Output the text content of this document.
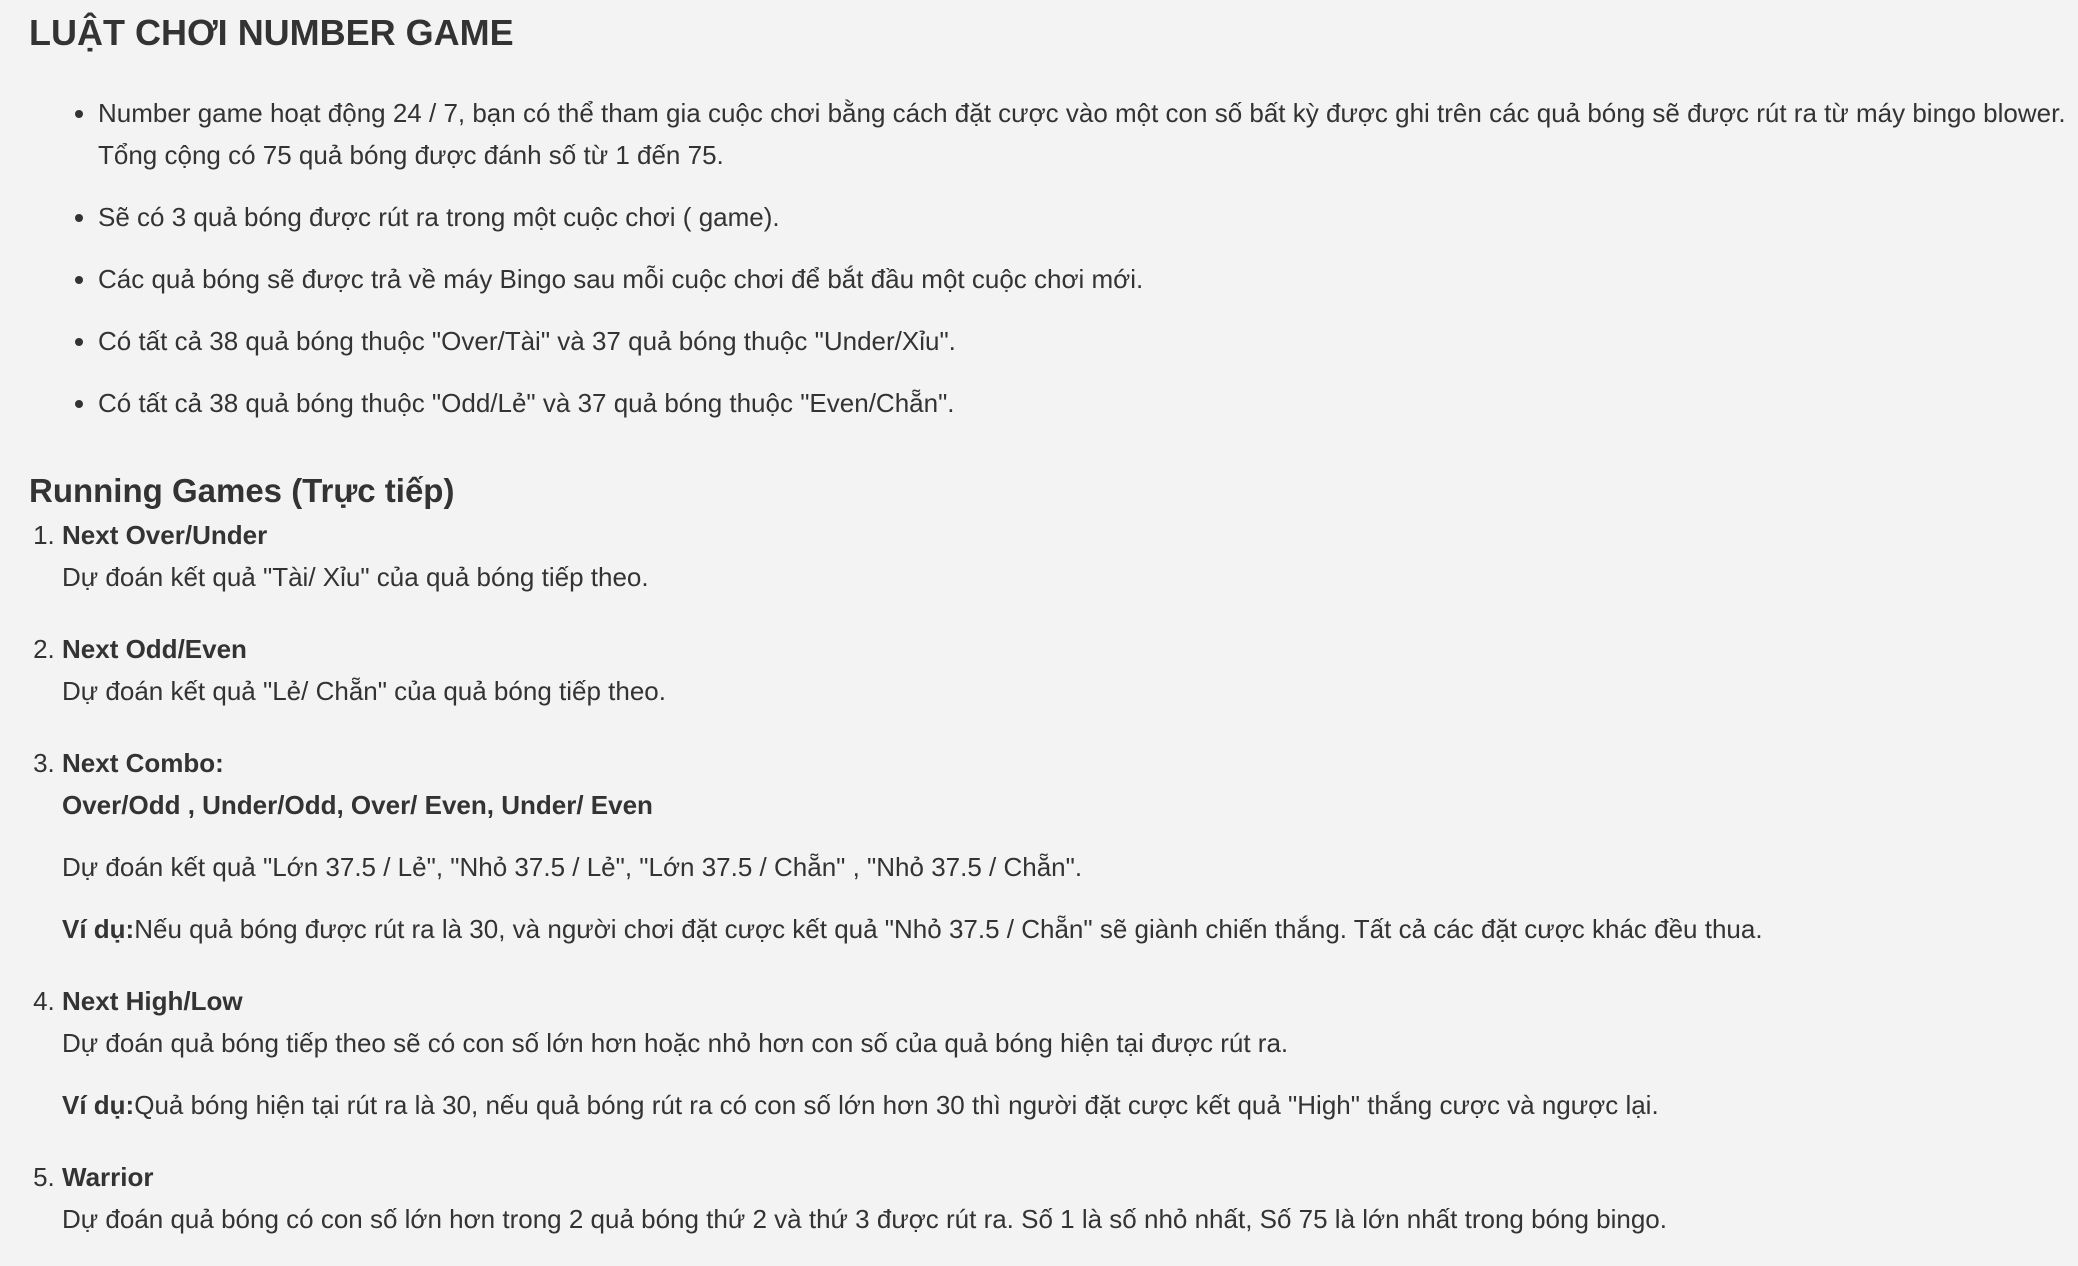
LUẬT CHƠI NUMBER GAME
• Number game hoạt động 24 / 7, bạn có thể tham gia cuộc chơi bằng cách đặt cược vào một con số bất kỳ được ghi trên các quả bóng sẽ được rút ra từ máy bingo blower. Tổng cộng có 75 quả bóng được đánh số từ 1 đến 75.
• Sẽ có 3 quả bóng được rút ra trong một cuộc chơi ( game).
• Các quả bóng sẽ được trả về máy Bingo sau mỗi cuộc chơi để bắt đầu một cuộc chơi mới.
• Có tất cả 38 quả bóng thuộc "Over/Tài" và 37 quả bóng thuộc "Under/Xỉu".
• Có tất cả 38 quả bóng thuộc "Odd/Lẻ" và 37 quả bóng thuộc "Even/Chẵn".
Running Games (Trực tiếp)
1. Next Over/Under

Dự đoán kết quả "Tài/ Xỉu" của quả bóng tiếp theo.

2. Next Odd/Even

Dự đoán kết quả "Lẻ/ Chẵn" của quả bóng tiếp theo.

3. Next Combo:
Over/Odd , Under/Odd, Over/ Even, Under/ Even

Dự đoán kết quả "Lớn 37.5 / Lẻ", "Nhỏ 37.5 / Lẻ", "Lớn 37.5 / Chẵn" , "Nhỏ 37.5 / Chẵn".

Ví dụ:Nếu quả bóng được rút ra là 30, và người chơi đặt cược kết quả "Nhỏ 37.5 / Chẵn" sẽ giành chiến thắng. Tất cả các đặt cược khác đều thua.

4. Next High/Low

Dự đoán quả bóng tiếp theo sẽ có con số lớn hơn hoặc nhỏ hơn con số của quả bóng hiện tại được rút ra.

Ví dụ:Quả bóng hiện tại rút ra là 30, nếu quả bóng rút ra có con số lớn hơn 30 thì người đặt cược kết quả "High" thắng cược và ngược lại.

5. Warrior

Dự đoán quả bóng có con số lớn hơn trong 2 quả bóng thứ 2 và thứ 3 được rút ra. Số 1 là số nhỏ nhất, Số 75 là lớn nhất trong bóng bingo.
